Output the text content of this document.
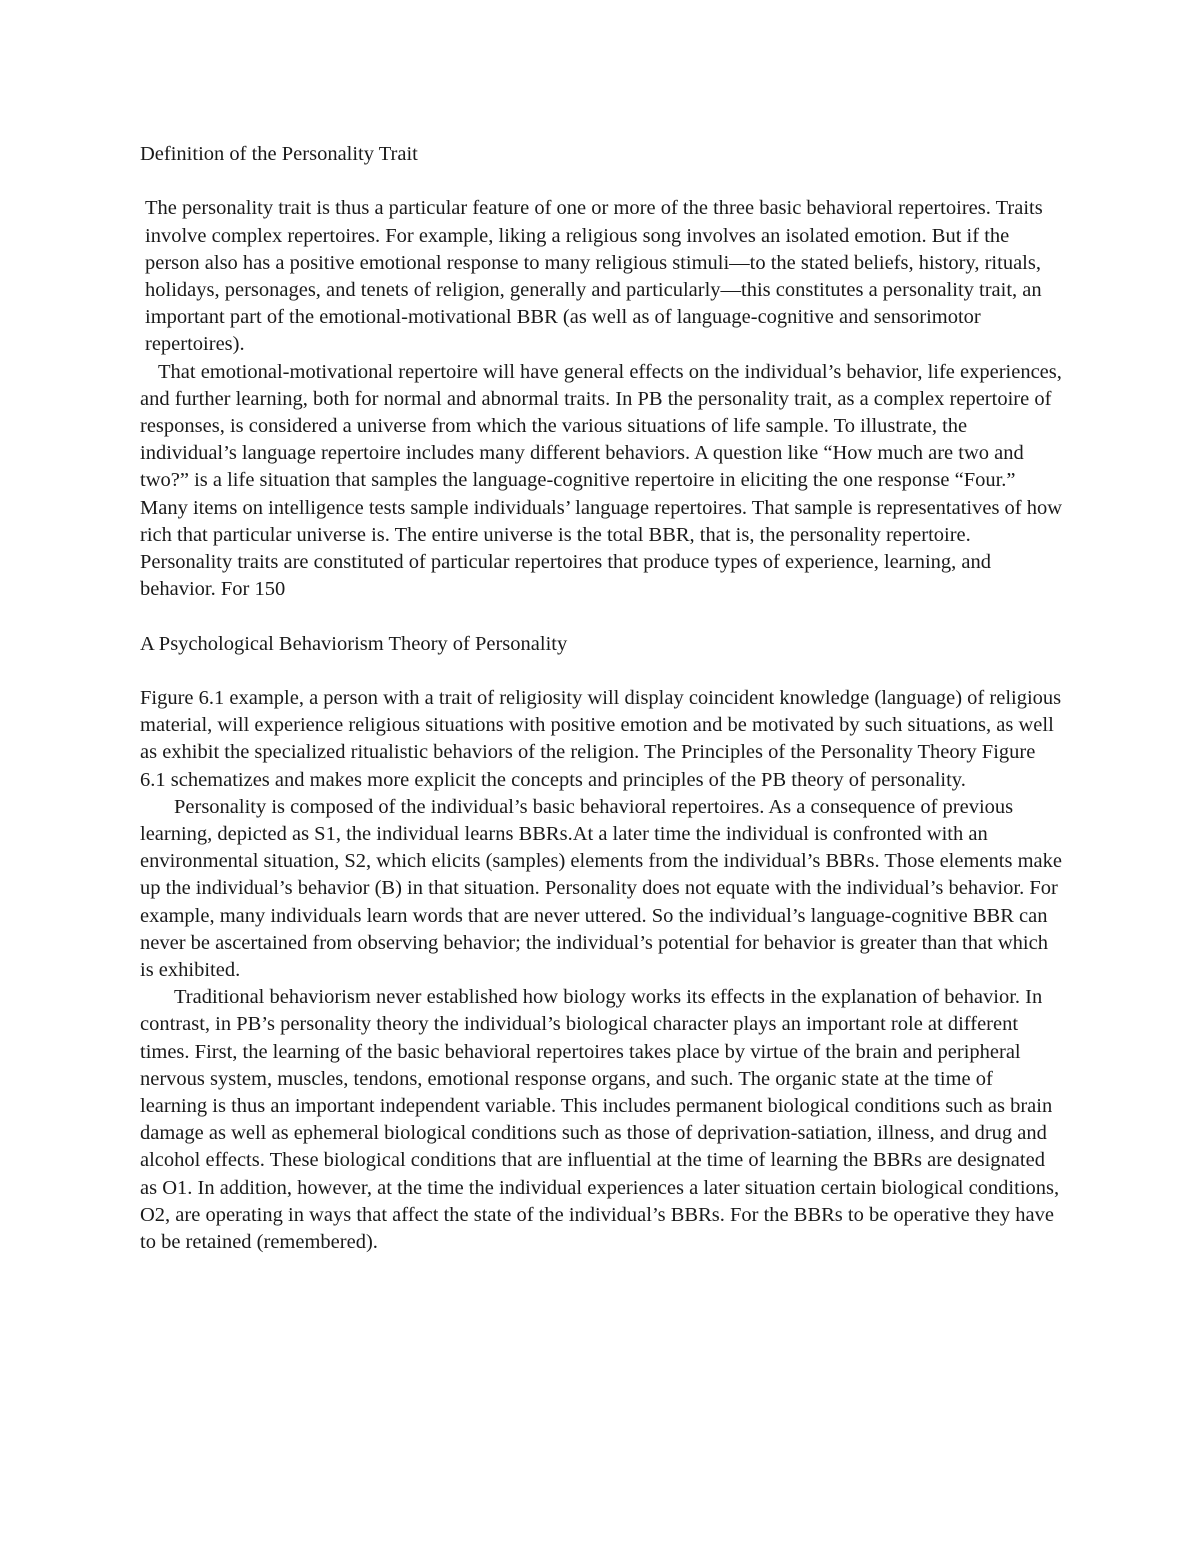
Definition of the Personality Trait

The personality trait is thus a particular feature of one or more of the three basic behavioral repertoires. Traits involve complex repertoires. For example, liking a religious song involves an isolated emotion. But if the person also has a positive emotional response to many religious stimuli—to the stated beliefs, history, rituals, holidays, personages, and tenets of religion, generally and particularly—this constitutes a personality trait, an important part of the emotional-motivational BBR (as well as of language-cognitive and sensorimotor repertoires).

That emotional-motivational repertoire will have general effects on the individual’s behavior, life experiences, and further learning, both for normal and abnormal traits. In PB the personality trait, as a complex repertoire of responses, is considered a universe from which the various situations of life sample. To illustrate, the individual’s language repertoire includes many different behaviors. A question like “How much are two and two?” is a life situation that samples the language-cognitive repertoire in eliciting the one response “Four.” Many items on intelligence tests sample individuals’ language repertoires. That sample is representatives of how rich that particular universe is. The entire universe is the total BBR, that is, the personality repertoire. Personality traits are constituted of particular repertoires that produce types of experience, learning, and behavior. For 150

A Psychological Behaviorism Theory of Personality

Figure 6.1 example, a person with a trait of religiosity will display coincident knowledge (language) of religious material, will experience religious situations with positive emotion and be motivated by such situations, as well as exhibit the specialized ritualistic behaviors of the religion. The Principles of the Personality Theory Figure 6.1 schematizes and makes more explicit the concepts and principles of the PB theory of personality.

Personality is composed of the individual’s basic behavioral repertoires. As a consequence of previous learning, depicted as S1, the individual learns BBRs.At a later time the individual is confronted with an environmental situation, S2, which elicits (samples) elements from the individual’s BBRs. Those elements make up the individual’s behavior (B) in that situation. Personality does not equate with the individual’s behavior. For example, many individuals learn words that are never uttered. So the individual’s language-cognitive BBR can never be ascertained from observing behavior; the individual’s potential for behavior is greater than that which is exhibited.

Traditional behaviorism never established how biology works its effects in the explanation of behavior. In contrast, in PB’s personality theory the individual’s biological character plays an important role at different times. First, the learning of the basic behavioral repertoires takes place by virtue of the brain and peripheral nervous system, muscles, tendons, emotional response organs, and such. The organic state at the time of learning is thus an important independent variable. This includes permanent biological conditions such as brain damage as well as ephemeral biological conditions such as those of deprivation-satiation, illness, and drug and alcohol effects. These biological conditions that are influential at the time of learning the BBRs are designated as O1. In addition, however, at the time the individual experiences a later situation certain biological conditions, O2, are operating in ways that affect the state of the individual’s BBRs. For the BBRs to be operative they have to be retained (remembered).
